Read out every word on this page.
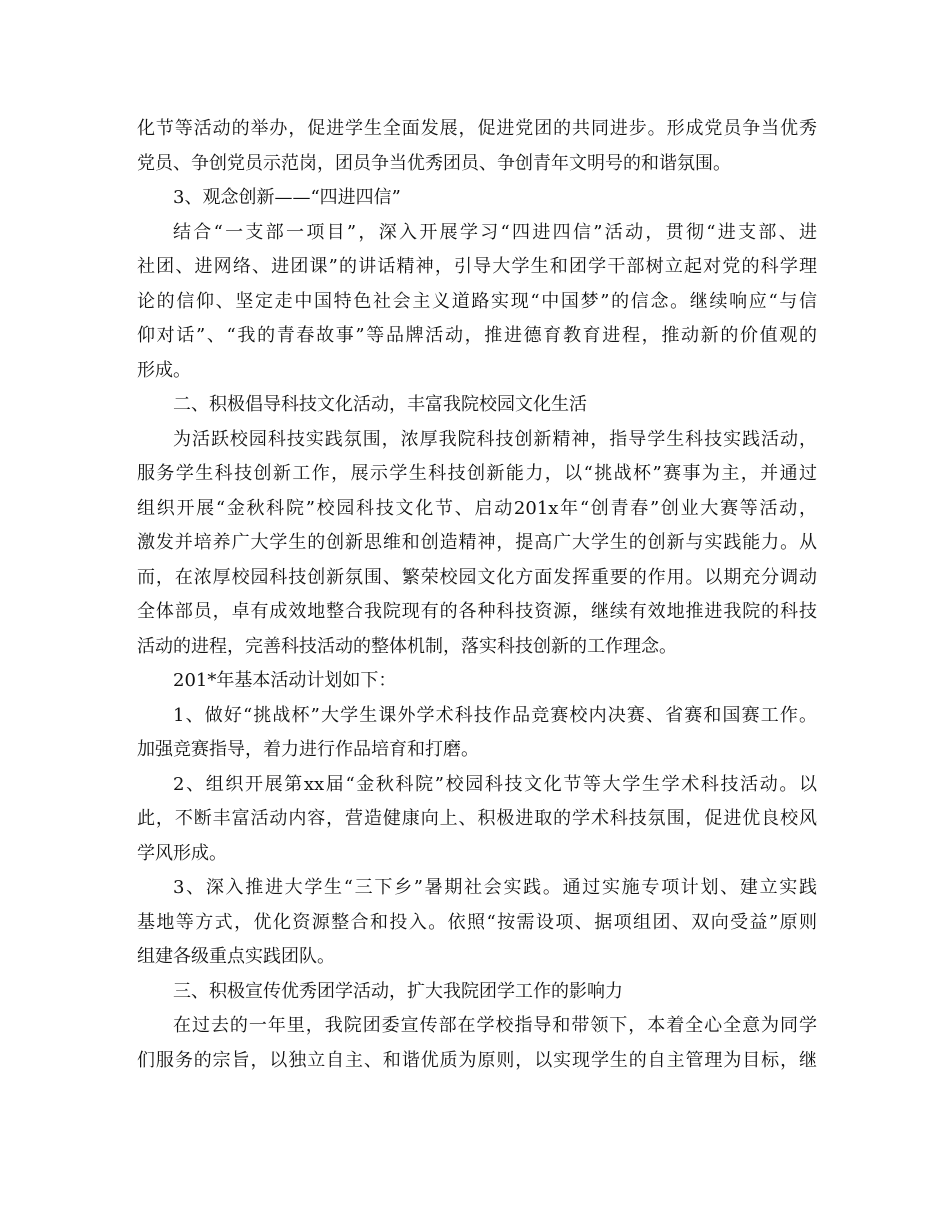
化节等活动的举办，促进学生全面发展，促进党团的共同进步。形成党员争当优秀
党员、争创党员示范岗，团员争当优秀团员、争创青年文明号的和谐氛围。
3、观念创新——“四进四信”
结合“一支部一项目”，深入开展学习“四进四信”活动，贯彻“进支部、进
社团、进网络、进团课”的讲话精神，引导大学生和团学干部树立起对党的科学理
论的信仰、坚定走中国特色社会主义道路实现“中国梦”的信念。继续响应“与信
仰对话”、“我的青春故事”等品牌活动，推进德育教育进程，推动新的价值观的
形成。
二、积极倡导科技文化活动，丰富我院校园文化生活
为活跃校园科技实践氛围，浓厚我院科技创新精神，指导学生科技实践活动，
服务学生科技创新工作，展示学生科技创新能力，以“挑战杯”赛事为主，并通过
组织开展“金秋科院”校园科技文化节、启动201x年“创青春”创业大赛等活动，
激发并培养广大学生的创新思维和创造精神，提高广大学生的创新与实践能力。从
而，在浓厚校园科技创新氛围、繁荣校园文化方面发挥重要的作用。以期充分调动
全体部员，卓有成效地整合我院现有的各种科技资源，继续有效地推进我院的科技
活动的进程，完善科技活动的整体机制，落实科技创新的工作理念。
201*年基本活动计划如下：
1、做好“挑战杯”大学生课外学术科技作品竞赛校内决赛、省赛和国赛工作。
加强竞赛指导，着力进行作品培育和打磨。
2、组织开展第xx届“金秋科院”校园科技文化节等大学生学术科技活动。以
此，不断丰富活动内容，营造健康向上、积极进取的学术科技氛围，促进优良校风
学风形成。
3、深入推进大学生“三下乡”暑期社会实践。通过实施专项计划、建立实践
基地等方式，优化资源整合和投入。依照“按需设项、据项组团、双向受益”原则
组建各级重点实践团队。
三、积极宣传优秀团学活动，扩大我院团学工作的影响力
在过去的一年里，我院团委宣传部在学校指导和带领下，本着全心全意为同学
们服务的宗旨，以独立自主、和谐优质为原则，以实现学生的自主管理为目标，继
